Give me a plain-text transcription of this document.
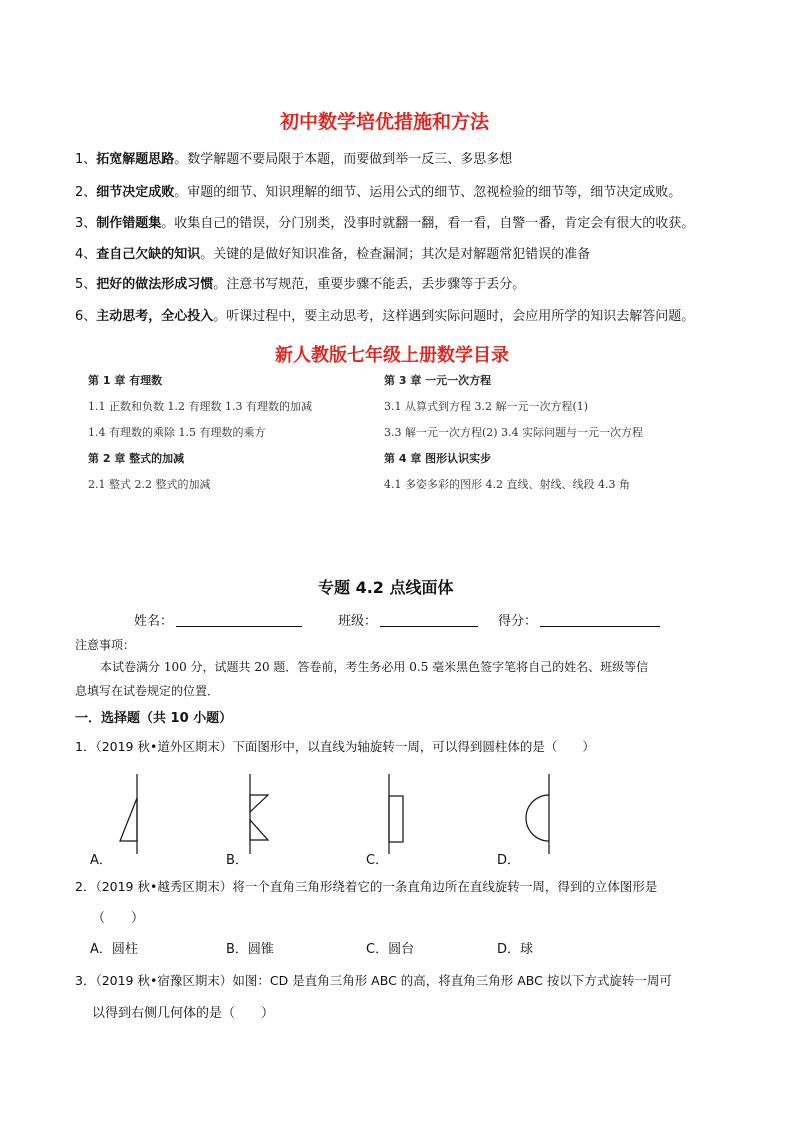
初中数学培优措施和方法
1、拓宽解题思路。数学解题不要局限于本题，而要做到举一反三、多思多想
2、细节决定成败。审题的细节、知识理解的细节、运用公式的细节、忽视检验的细节等，细节决定成败。
3、制作错题集。收集自己的错误，分门别类，没事时就翻一翻，看一看，自警一番，肯定会有很大的收获。
4、查自己欠缺的知识。关键的是做好知识准备，检查漏洞；其次是对解题常犯错误的准备
5、把好的做法形成习惯。注意书写规范，重要步骤不能丢，丢步骤等于丢分。
6、主动思考，全心投入。听课过程中，要主动思考，这样遇到实际问题时，会应用所学的知识去解答问题。
新人教版七年级上册数学目录
第 1 章 有理数
1.1 正数和负数 1.2 有理数 1.3 有理数的加减
1.4 有理数的乘除 1.5 有理数的乘方
第 2 章 整式的加减
2.1 整式 2.2 整式的加减
第 3 章 一元一次方程
3.1 从算式到方程 3.2 解一元一次方程(1)
3.3 解一元一次方程(2) 3.4 实际问题与一元一次方程
第 4 章 图形认识实步
4.1 多姿多彩的图形 4.2 直线、射线、线段 4.3 角
专题 4.2 点线面体
姓名：	班级：	得分：
注意事项：
本试卷满分 100 分，试题共 20 题．答卷前，考生务必用 0.5 毫米黑色签字笔将自己的姓名、班级等信
息填写在试卷规定的位置．
一．选择题（共 10 小题）
1．（2019 秋•道外区期末）下面图形中，以直线为轴旋转一周，可以得到圆柱体的是（　　）
A．	B．	C．	D．
2．（2019 秋•越秀区期末）将一个直角三角形绕着它的一条直角边所在直线旋转一周，得到的立体图形是
（　　）
A．圆柱	B．圆锥	C．圆台	D．球
3．（2019 秋•宿豫区期末）如图：CD 是直角三角形 ABC 的高，将直角三角形 ABC 按以下方式旋转一周可
以得到右侧几何体的是（　　）
